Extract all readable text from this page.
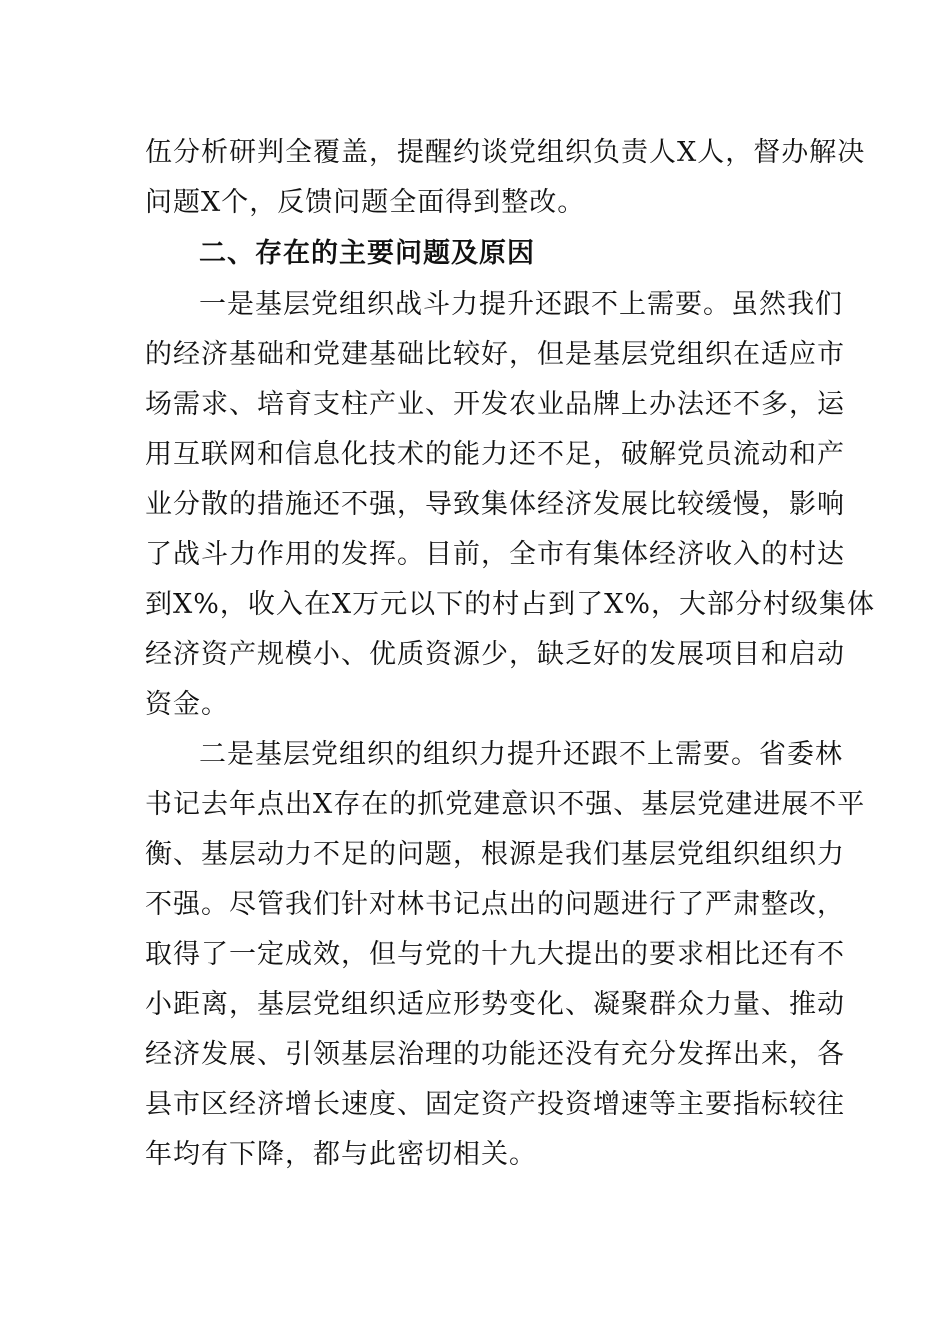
伍分析研判全覆盖，提醒约谈党组织负责人X人，督办解决
问题X个，反馈问题全面得到整改。
二、存在的主要问题及原因
一是基层党组织战斗力提升还跟不上需要。虽然我们
的经济基础和党建基础比较好，但是基层党组织在适应市
场需求、培育支柱产业、开发农业品牌上办法还不多，运
用互联网和信息化技术的能力还不足，破解党员流动和产
业分散的措施还不强，导致集体经济发展比较缓慢，影响
了战斗力作用的发挥。目前，全市有集体经济收入的村达
到X%，收入在X万元以下的村占到了X%，大部分村级集体
经济资产规模小、优质资源少，缺乏好的发展项目和启动
资金。
二是基层党组织的组织力提升还跟不上需要。省委林
书记去年点出X存在的抓党建意识不强、基层党建进展不平
衡、基层动力不足的问题，根源是我们基层党组织组织力
不强。尽管我们针对林书记点出的问题进行了严肃整改，
取得了一定成效，但与党的十九大提出的要求相比还有不
小距离，基层党组织适应形势变化、凝聚群众力量、推动
经济发展、引领基层治理的功能还没有充分发挥出来，各
县市区经济增长速度、固定资产投资增速等主要指标较往
年均有下降，都与此密切相关。
